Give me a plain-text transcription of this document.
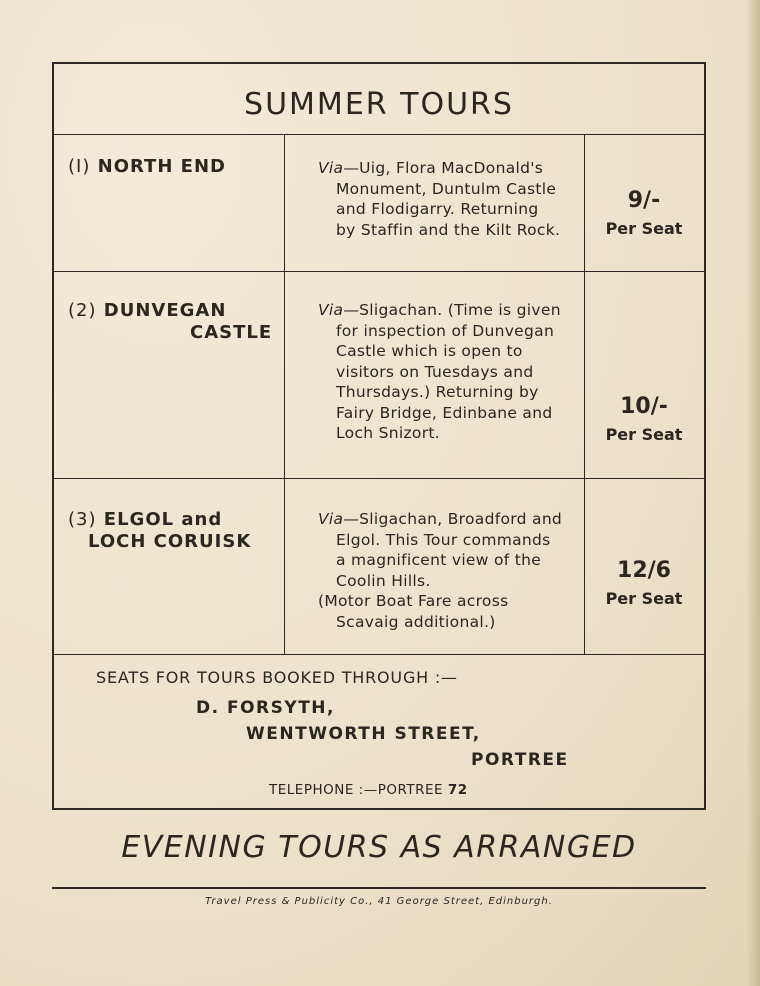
SUMMER TOURS
(I) NORTH END	Via—Uig, Flora MacDonald's
Monument, Duntulm Castle
and Flodigarry. Returning
by Staffin and the Kilt Rock.
9/-
Per Seat
(2) DUNVEGAN
CASTLE
Via—Sligachan. (Time is given
for inspection of Dunvegan
Castle which is open to
visitors on Tuesdays and
Thursdays.) Returning by
Fairy Bridge, Edinbane and
Loch Snizort.
10/-
Per Seat
(3) ELGOL and
LOCH CORUISK
Via—Sligachan, Broadford and
Elgol. This Tour commands
a magnificent view of the
Coolin Hills.
(Motor Boat Fare across Scavaig additional.)
12/6
Per Seat
SEATS FOR TOURS BOOKED THROUGH :—
D. FORSYTH,
WENTWORTH STREET,
PORTREE
TELEPHONE :—PORTREE 72
EVENING TOURS AS ARRANGED
Travel Press & Publicity Co., 41 George Street, Edinburgh.
